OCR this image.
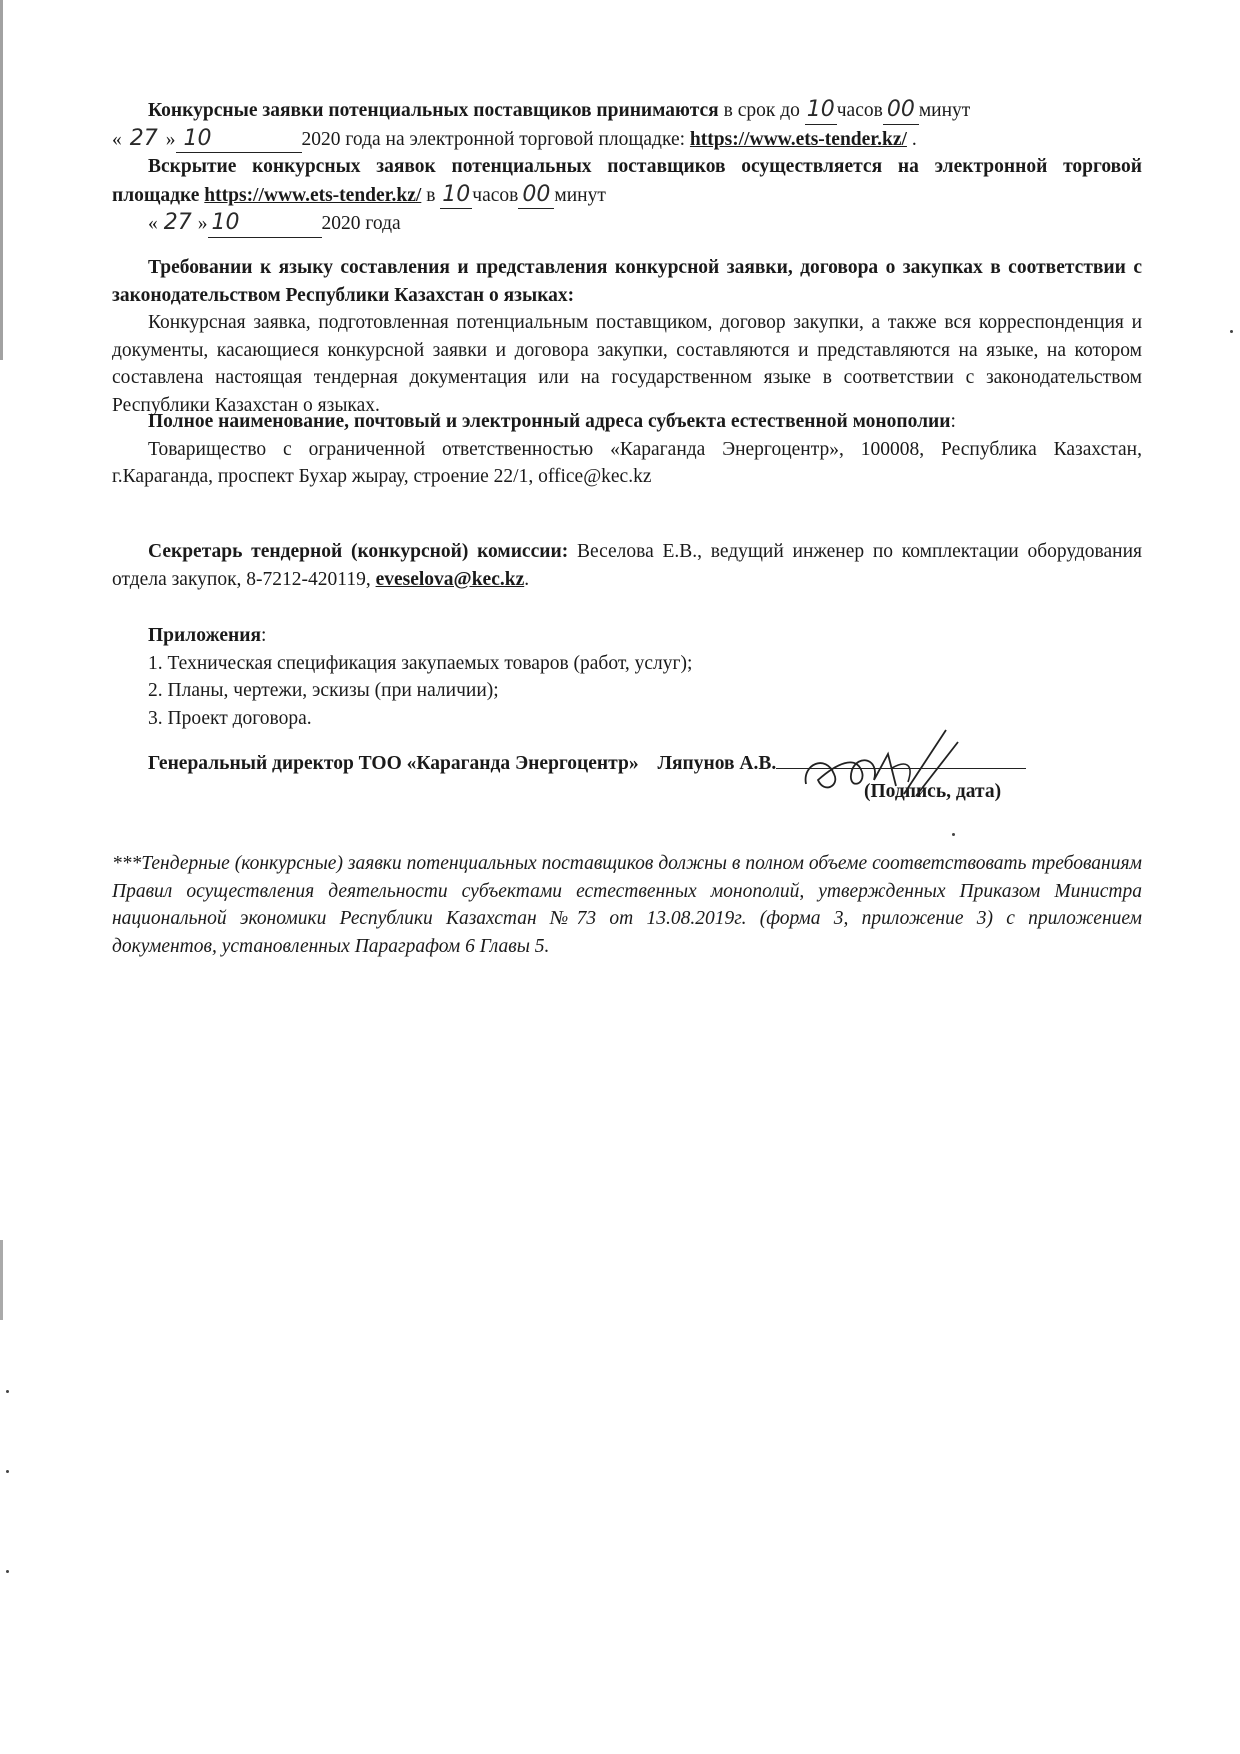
Конкурсные заявки потенциальных поставщиков принимаются в срок до 10 часов 00 минут
« 27 » 10	2020 года на электронной торговой площадке: https://www.ets-tender.kz/ .
Вскрытие конкурсных заявок потенциальных поставщиков осуществляется на электронной торговой площадке https://www.ets-tender.kz/ в 10 часов 00 минут
« 27 » 10	2020 года
Требовании к языку составления и представления конкурсной заявки, договора о закупках в соответствии с законодательством Республики Казахстан о языках:
Конкурсная заявка, подготовленная потенциальным поставщиком, договор закупки, а также вся корреспонденция и документы, касающиеся конкурсной заявки и договора закупки, составляются и представляются на языке, на котором составлена настоящая тендерная документация или на государственном языке в соответствии с законодательством Республики Казахстан о языках.
Полное наименование, почтовый и электронный адреса субъекта естественной монополии:
Товарищество с ограниченной ответственностью «Караганда Энергоцентр», 100008, Республика Казахстан, г.Караганда, проспект Бухар жырау, строение 22/1, office@kec.kz
Секретарь тендерной (конкурсной) комиссии: Веселова Е.В., ведущий инженер по комплектации оборудования отдела закупок, 8-7212-420119, eveselova@kec.kz.
Приложения:
1. Техническая спецификация закупаемых товаров (работ, услуг);
2. Планы, чертежи, эскизы (при наличии);
3. Проект договора.
Генеральный директор ТОО «Караганда Энергоцентр» Ляпунов А.В.
(Подпись, дата)
***Тендерные (конкурсные) заявки потенциальных поставщиков должны в полном объеме соответствовать требованиям Правил осуществления деятельности субъектами естественных монополий, утвержденных Приказом Министра национальной экономики Республики Казахстан №73 от 13.08.2019г. (форма 3, приложение 3) с приложением документов, установленных Параграфом 6 Главы 5.
